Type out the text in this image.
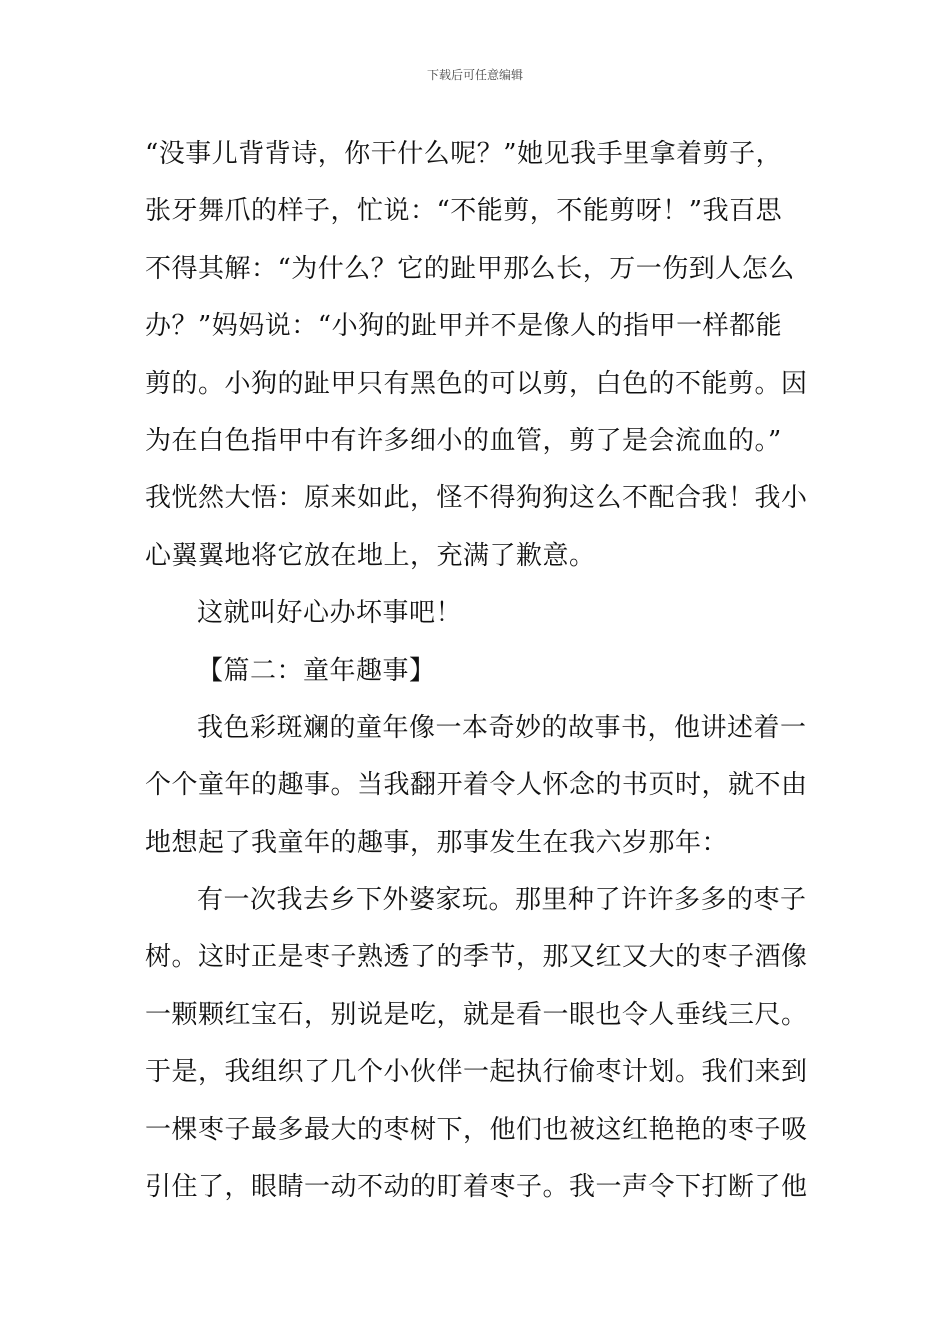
下载后可任意编辑
“没事儿背背诗，你干什么呢？”她见我手里拿着剪子，
张牙舞爪的样子，忙说：“不能剪，不能剪呀！”我百思
不得其解：“为什么？它的趾甲那么长，万一伤到人怎么
办？”妈妈说：“小狗的趾甲并不是像人的指甲一样都能
剪的。小狗的趾甲只有黑色的可以剪，白色的不能剪。因
为在白色指甲中有许多细小的血管，剪了是会流血的。”
我恍然大悟：原来如此，怪不得狗狗这么不配合我！我小
心翼翼地将它放在地上，充满了歉意。
这就叫好心办坏事吧！
【篇二：童年趣事】
我色彩斑斓的童年像一本奇妙的故事书，他讲述着一
个个童年的趣事。当我翻开着令人怀念的书页时，就不由
地想起了我童年的趣事，那事发生在我六岁那年：
有一次我去乡下外婆家玩。那里种了许许多多的枣子
树。这时正是枣子熟透了的季节，那又红又大的枣子酒像
一颗颗红宝石，别说是吃，就是看一眼也令人垂线三尺。
于是，我组织了几个小伙伴一起执行偷枣计划。我们来到
一棵枣子最多最大的枣树下，他们也被这红艳艳的枣子吸
引住了，眼睛一动不动的盯着枣子。我一声令下打断了他
